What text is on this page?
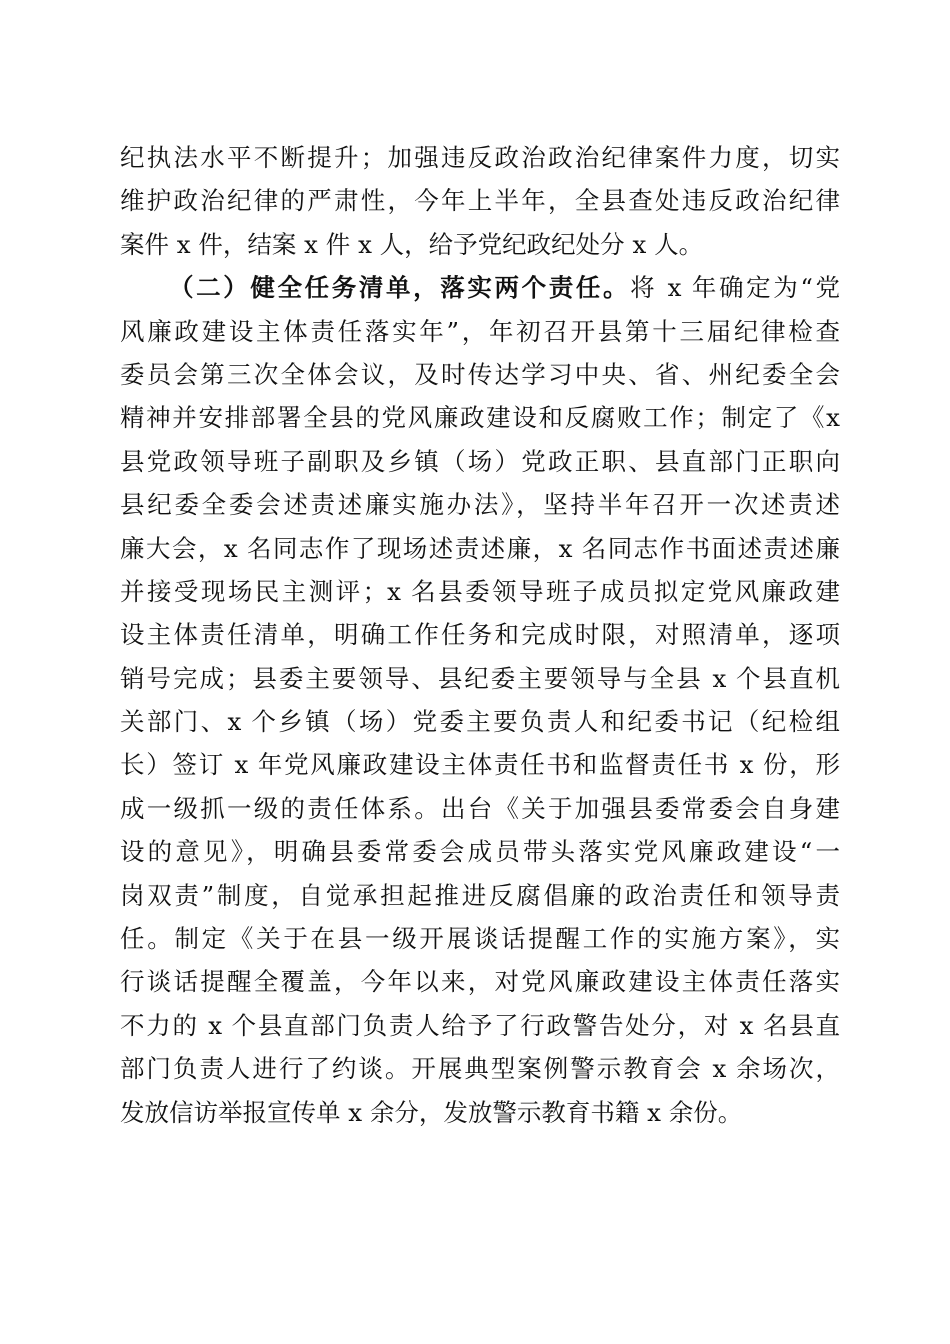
纪执法水平不断提升；加强违反政治政治纪律案件力度，切实
维护政治纪律的严肃性，今年上半年，全县查处违反政治纪律
案件 x 件，结案 x 件 x 人，给予党纪政纪处分 x 人。
（二）健全任务清单，落实两个责任。将 x 年确定为“党
风廉政建设主体责任落实年”，年初召开县第十三届纪律检查
委员会第三次全体会议，及时传达学习中央、省、州纪委全会
精神并安排部署全县的党风廉政建设和反腐败工作；制定了《x
县党政领导班子副职及乡镇（场）党政正职、县直部门正职向
县纪委全委会述责述廉实施办法》，坚持半年召开一次述责述
廉大会，x 名同志作了现场述责述廉，x 名同志作书面述责述廉
并接受现场民主测评；x 名县委领导班子成员拟定党风廉政建
设主体责任清单，明确工作任务和完成时限，对照清单，逐项
销号完成；县委主要领导、县纪委主要领导与全县 x 个县直机
关部门、x 个乡镇（场）党委主要负责人和纪委书记（纪检组
长）签订 x 年党风廉政建设主体责任书和监督责任书 x 份，形
成一级抓一级的责任体系。出台《关于加强县委常委会自身建
设的意见》，明确县委常委会成员带头落实党风廉政建设“一
岗双责”制度，自觉承担起推进反腐倡廉的政治责任和领导责
任。制定《关于在县一级开展谈话提醒工作的实施方案》，实
行谈话提醒全覆盖，今年以来，对党风廉政建设主体责任落实
不力的 x 个县直部门负责人给予了行政警告处分，对 x 名县直
部门负责人进行了约谈。开展典型案例警示教育会 x 余场次，
发放信访举报宣传单 x 余分，发放警示教育书籍 x 余份。
